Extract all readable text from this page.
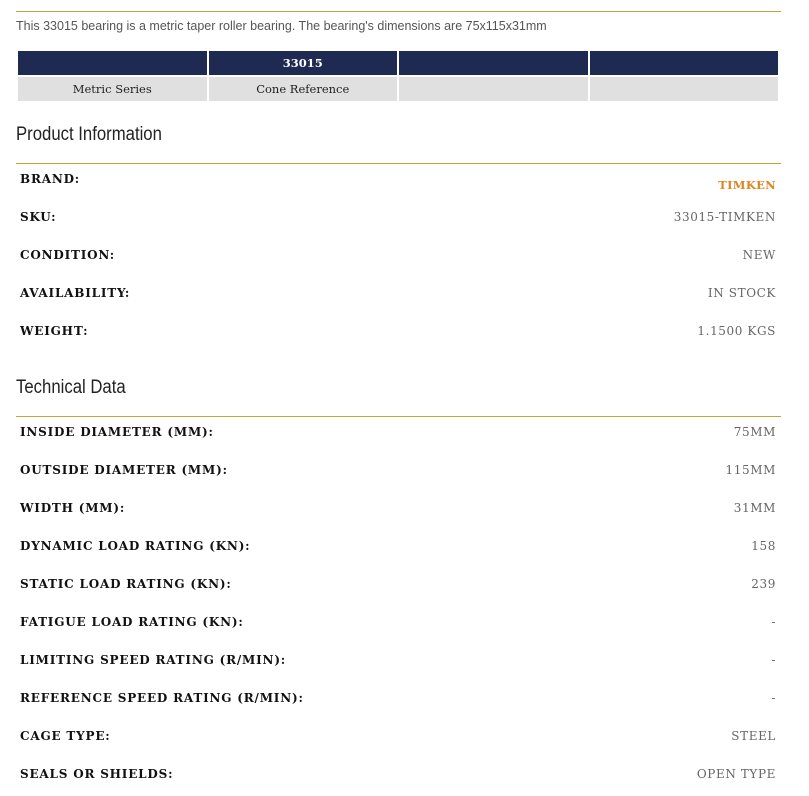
This 33015 bearing is a metric taper roller bearing. The bearing's dimensions are 75x115x31mm
	33015		
Metric Series	Cone Reference		
Product Information
BRAND:	TIMKEN
SKU:	33015-TIMKEN
CONDITION:	NEW
AVAILABILITY:	IN STOCK
WEIGHT:	1.1500 KGS
Technical Data
INSIDE DIAMETER (MM):	75MM
OUTSIDE DIAMETER (MM):	115MM
WIDTH (MM):	31MM
DYNAMIC LOAD RATING (KN):	158
STATIC LOAD RATING (KN):	239
FATIGUE LOAD RATING (KN):	-
LIMITING SPEED RATING (R/MIN):	-
REFERENCE SPEED RATING (R/MIN):	-
CAGE TYPE:	STEEL
SEALS OR SHIELDS:	OPEN TYPE
